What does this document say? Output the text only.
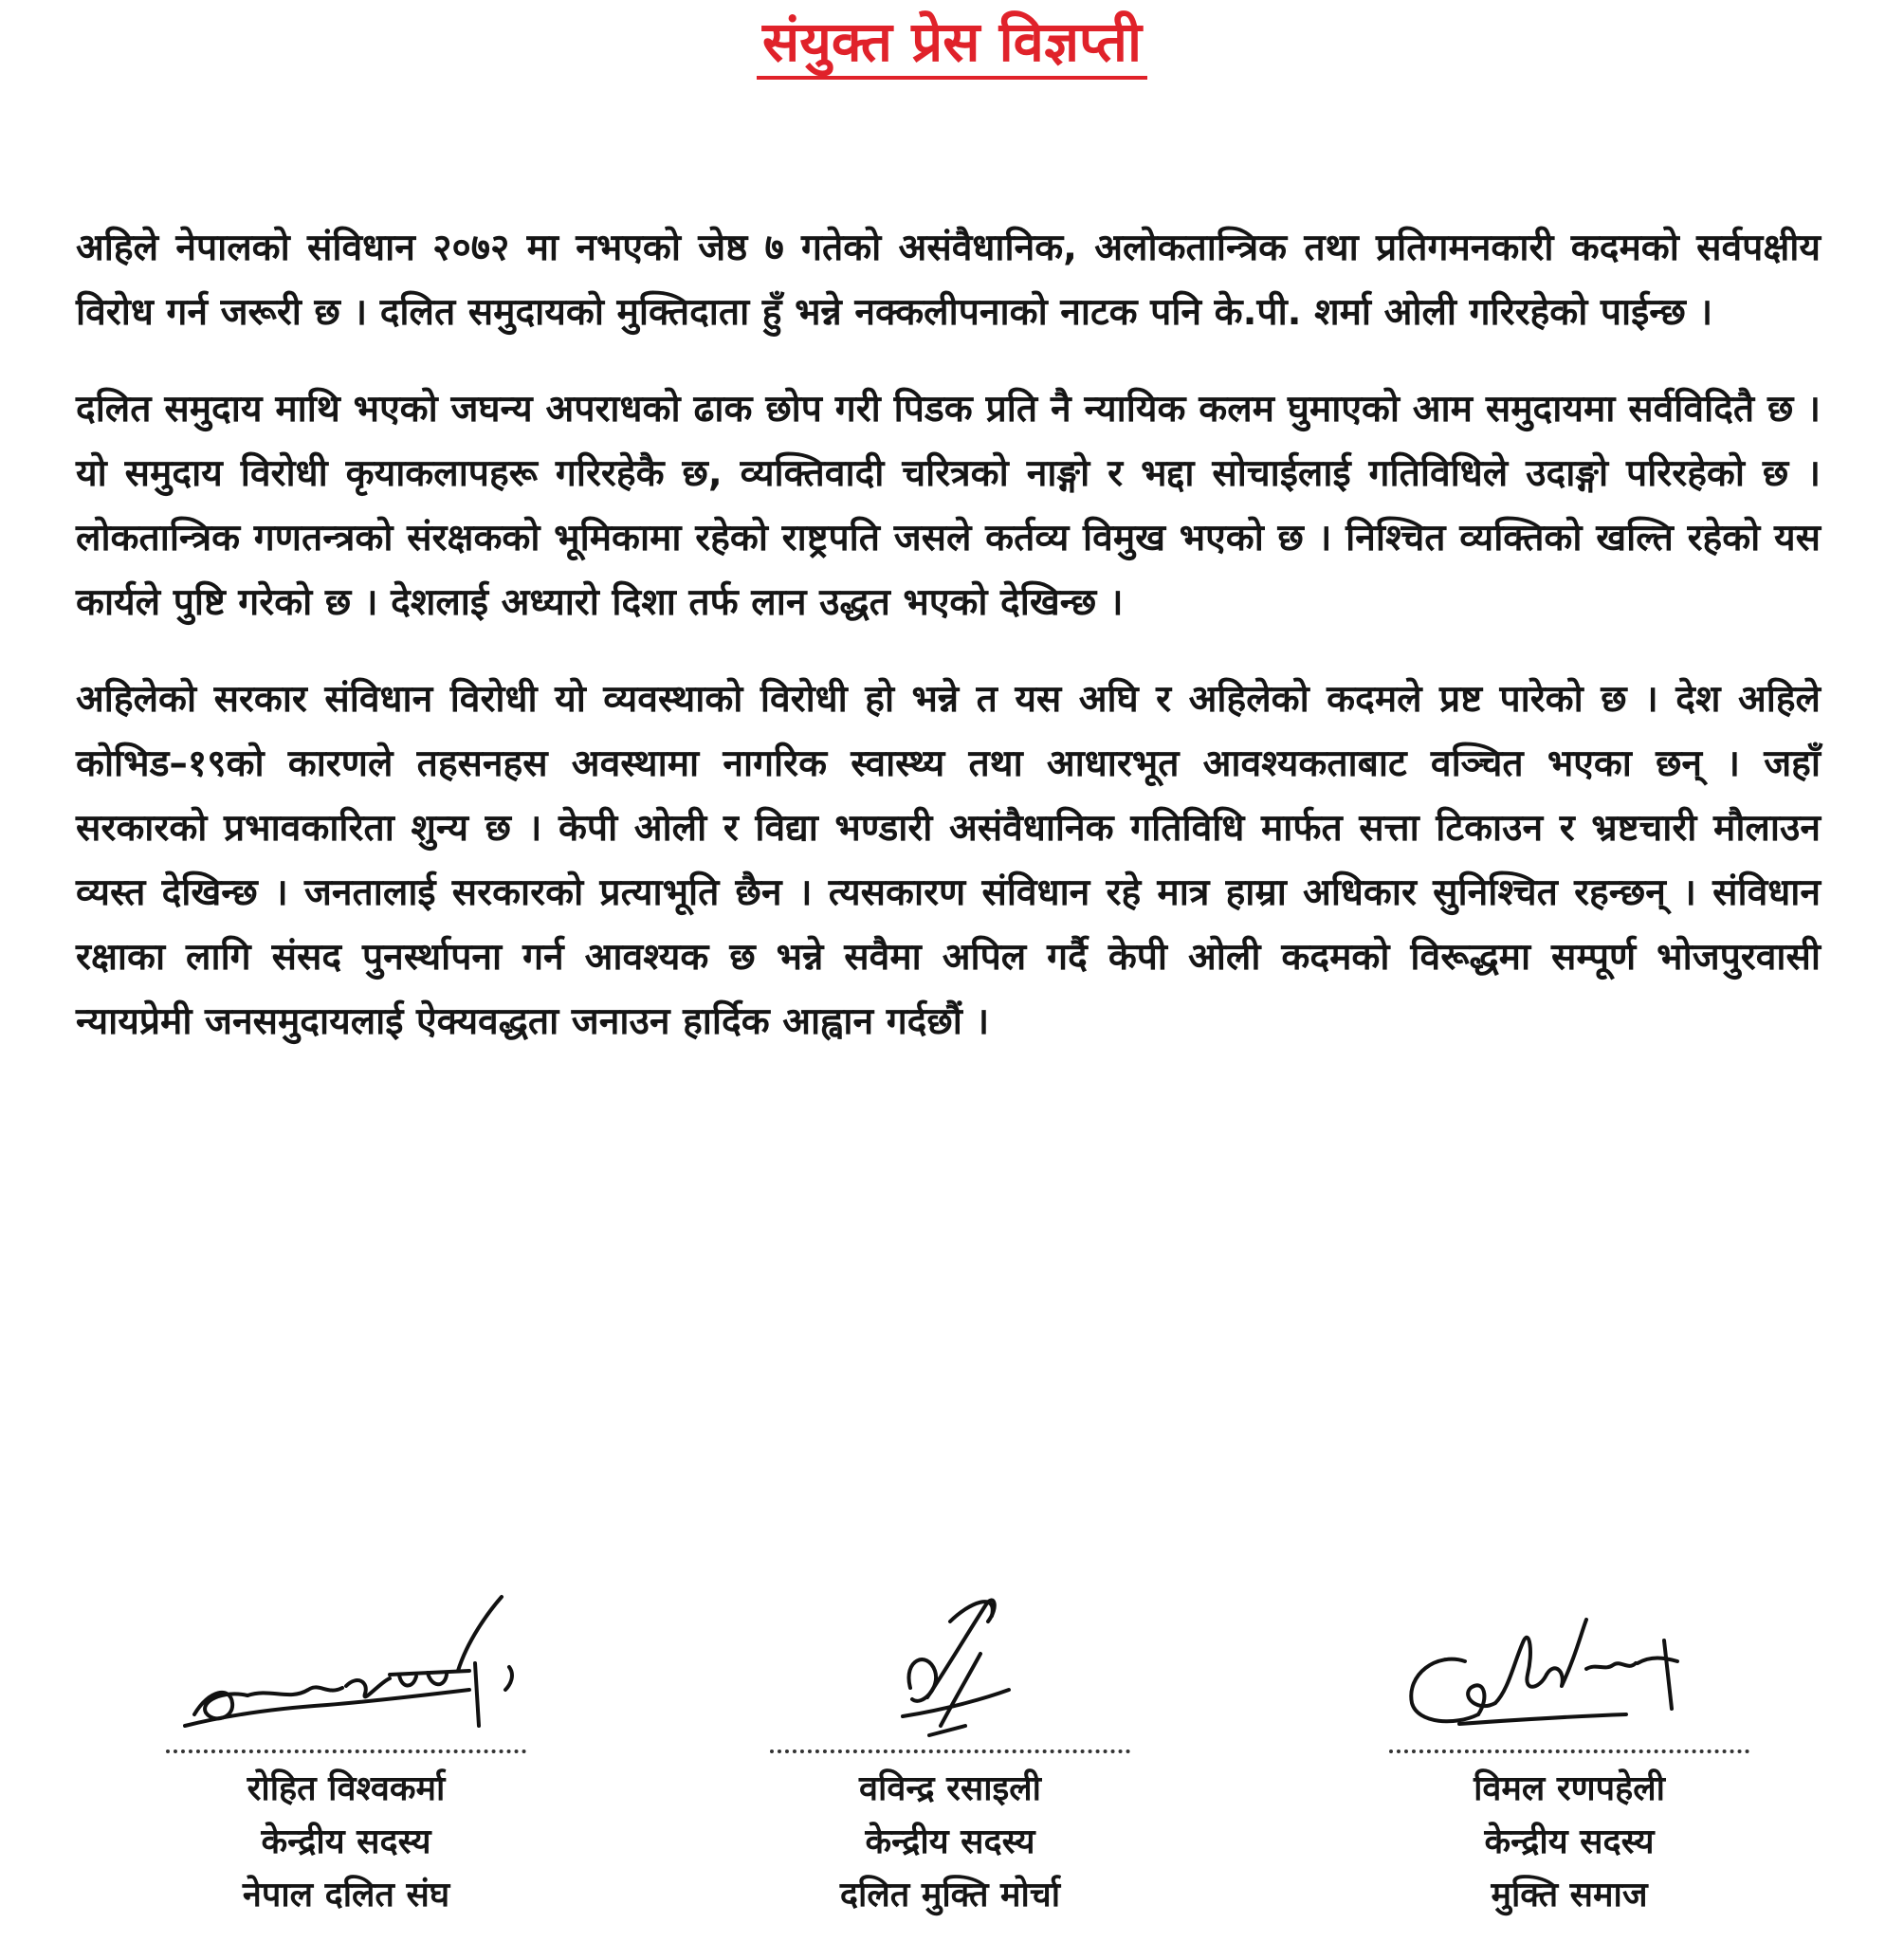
संयुक्त प्रेस विज्ञप्ती

अहिले नेपालको संविधान २०७२ मा नभएको जेष्ठ ७ गतेको असंवैधानिक, अलोकतान्त्रिक तथा प्रतिगमनकारी कदमको सर्वपक्षीय विरोध गर्न जरूरी छ । दलित समुदायको मुक्तिदाता हुँ भन्ने नक्कलीपनाको नाटक पनि के.पी. शर्मा ओली गरिरहेको पाईन्छ ।

दलित समुदाय माथि भएको जघन्य अपराधको ढाक छोप गरी पिडक प्रति नै न्यायिक कलम घुमाएको आम समुदायमा सर्वविदितै छ । यो समुदाय विरोधी कृयाकलापहरू गरिरहेकै छ, व्यक्तिवादी चरित्रको नाङ्गो र भद्दा सोचाईलाई गतिविधिले उदाङ्गो परिरहेको छ । लोकतान्त्रिक गणतन्त्रको संरक्षकको भूमिकामा रहेको राष्ट्रपति जसले कर्तव्य विमुख भएको छ । निश्चित व्यक्तिको खल्ति रहेको यस कार्यले पुष्टि गरेको छ । देशलाई अध्यारो दिशा तर्फ लान उद्धत भएको देखिन्छ ।

अहिलेको सरकार संविधान विरोधी यो व्यवस्थाको विरोधी हो भन्ने त यस अघि र अहिलेको कदमले प्रष्ट पारेको छ । देश अहिले कोभिड–१९को कारणले तहसनहस अवस्थामा नागरिक स्वास्थ्य तथा आधारभूत आवश्यकताबाट वञ्चित भएका छन् । जहाँ सरकारको प्रभावकारिता शुन्य छ । केपी ओली र विद्या भण्डारी असंवैधानिक गतिविधि मार्फत सत्ता टिकाउन र भ्रष्टचारी मौलाउन व्यस्त देखिन्छ । जनतालाई सरकारको प्रत्याभूति छैन । त्यसकारण संविधान रहे मात्र हाम्रा अधिकार सुनिश्चित रहन्छन् । संविधान रक्षाका लागि संसद पुनर्स्थापना गर्न आवश्यक छ भन्ने सवैमा अपिल गर्दै केपी ओली कदमको विरूद्धमा सम्पूर्ण भोजपुरवासी न्यायप्रेमी जनसमुदायलाई ऐक्यवद्धता जनाउन हार्दिक आह्वान गर्दछौं ।

रोहित विश्वकर्मा
केन्द्रीय सदस्य
नेपाल दलित संघ
वविन्द्र रसाइली
केन्द्रीय सदस्य
दलित मुक्ति मोर्चा
विमल रणपहेली
केन्द्रीय सदस्य
मुक्ति समाज
